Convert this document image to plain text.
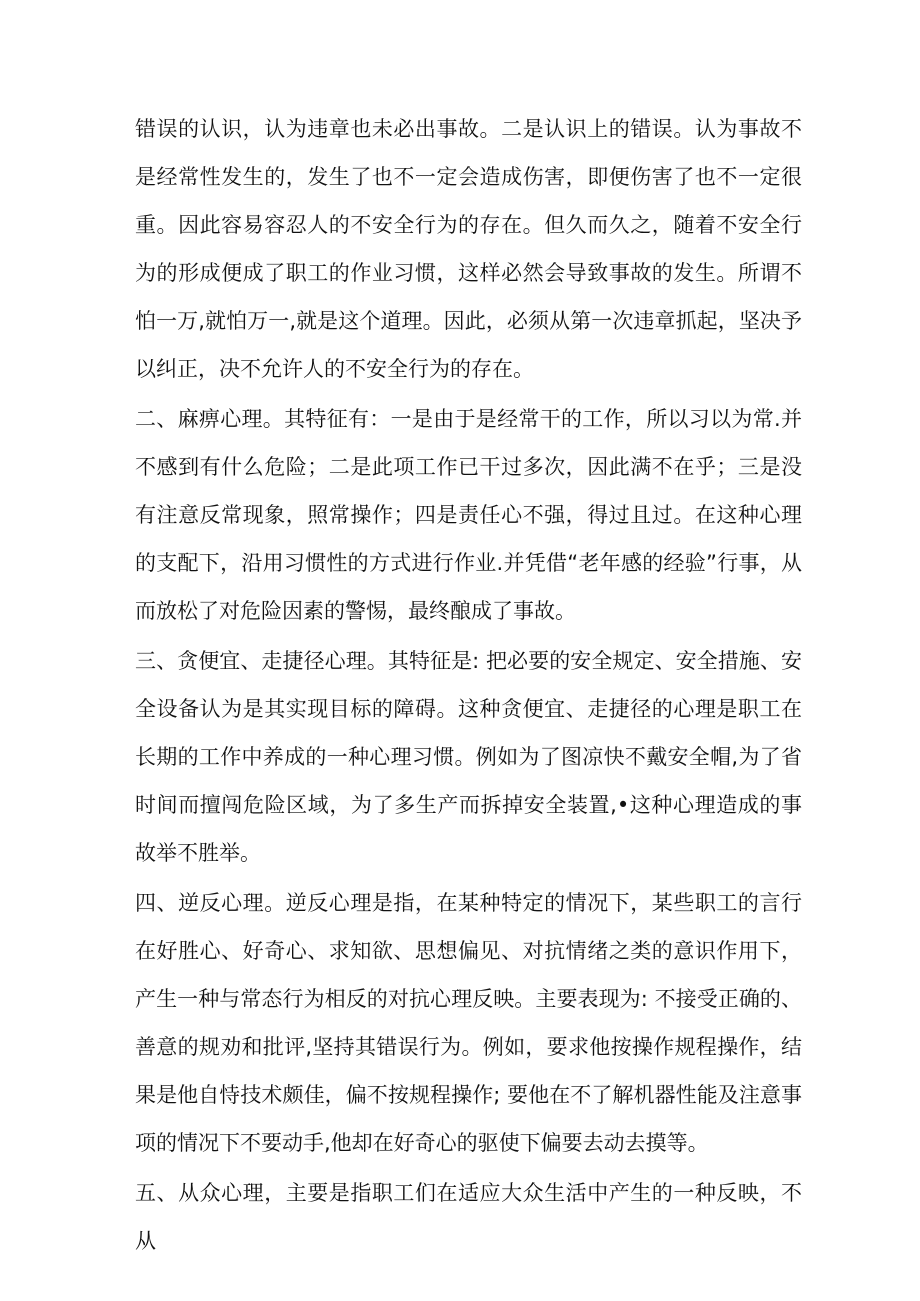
错误的认识，认为违章也未必出事故。二是认识上的错误。认为事故不是经常性发生的，发生了也不一定会造成伤害，即便伤害了也不一定很重。因此容易容忍人的不安全行为的存在。但久而久之，随着不安全行为的形成便成了职工的作业习惯，这样必然会导致事故的发生。所谓不怕一万,就怕万一,就是这个道理。因此，必须从第一次违章抓起，坚决予以纠正，决不允许人的不安全行为的存在。

二、麻痹心理。其特征有：一是由于是经常干的工作，所以习以为常.并不感到有什么危险；二是此项工作已干过多次，因此满不在乎；三是没有注意反常现象，照常操作；四是责任心不强，得过且过。在这种心理的支配下，沿用习惯性的方式进行作业.并凭借“老年感的经验”行事，从而放松了对危险因素的警惕，最终酿成了事故。

三、贪便宜、走捷径心理。其特征是: 把必要的安全规定、安全措施、安全设备认为是其实现目标的障碍。这种贪便宜、走捷径的心理是职工在长期的工作中养成的一种心理习惯。例如为了图凉快不戴安全帽,为了省时间而擅闯危险区域，为了多生产而拆掉安全装置,•这种心理造成的事故举不胜举。

四、逆反心理。逆反心理是指，在某种特定的情况下，某些职工的言行在好胜心、好奇心、求知欲、思想偏见、对抗情绪之类的意识作用下，产生一种与常态行为相反的对抗心理反映。主要表现为: 不接受正确的、善意的规劝和批评,坚持其错误行为。例如，要求他按操作规程操作，结果是他自恃技术颇佳，偏不按规程操作; 要他在不了解机器性能及注意事项的情况下不要动手,他却在好奇心的驱使下偏要去动去摸等。

五、从众心理，主要是指职工们在适应大众生活中产生的一种反映，不从
